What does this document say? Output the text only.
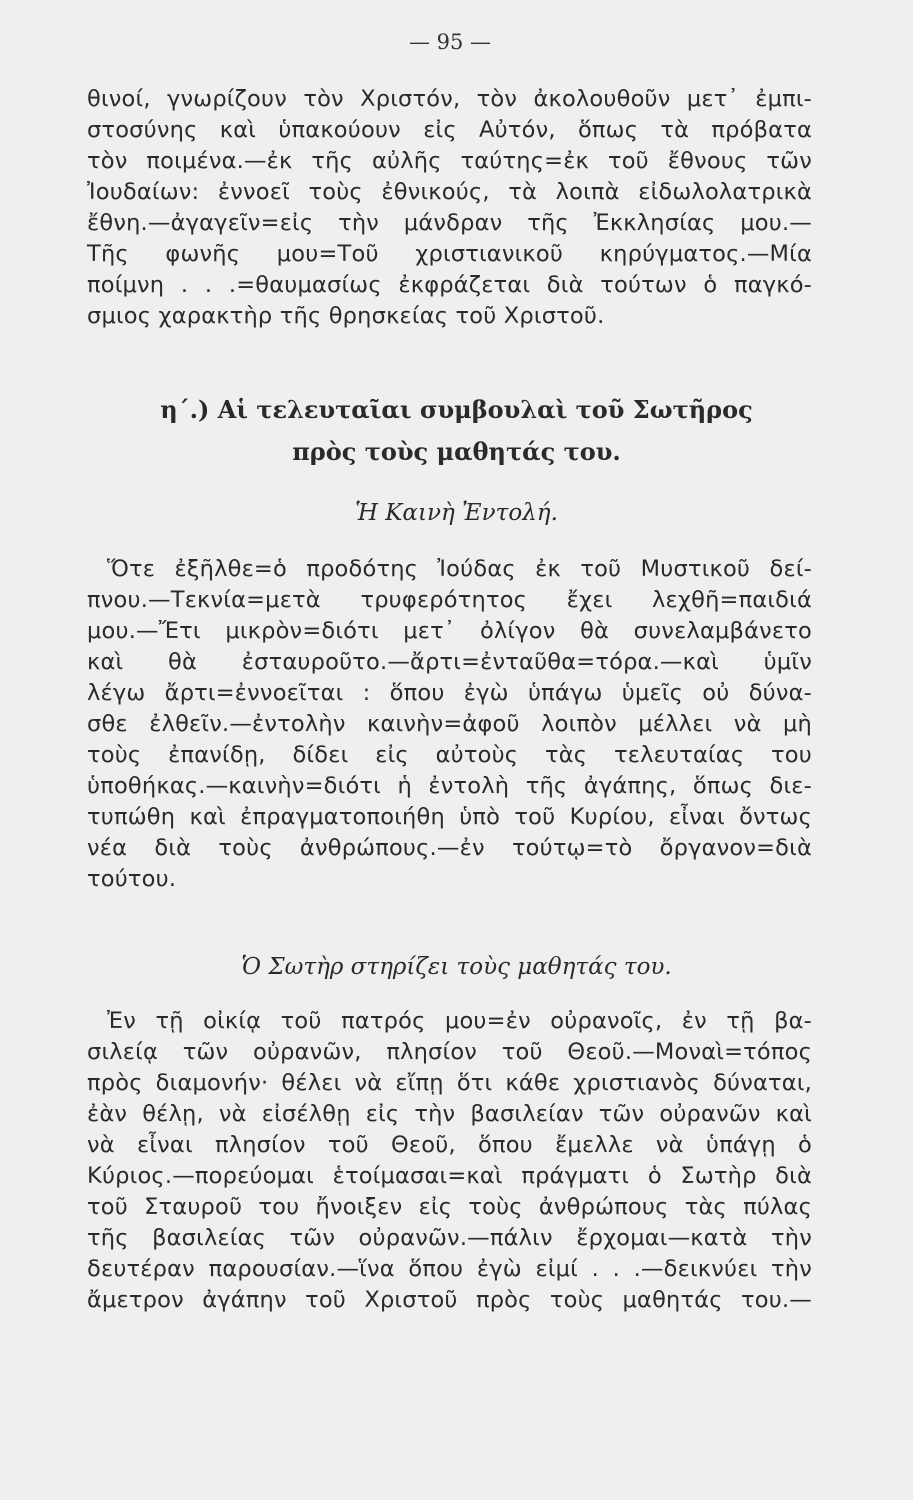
— 95 —
θινοί, γνωρίζουν τὸν Χριστόν, τὸν ἀκολουθοῦν μετ᾽ ἐμπι-
στοσύνης καὶ ὑπακούουν εἰς Αὐτόν, ὅπως τὰ πρόβατα
τὸν ποιμένα.—ἐκ τῆς αὐλῆς ταύτης=ἐκ τοῦ ἔθνους τῶν
Ἰουδαίων: ἐννοεῖ τοὺς ἐθνικούς, τὰ λοιπὰ εἰδωλολατρικὰ
ἔθνη.—ἀγαγεῖν=εἰς τὴν μάνδραν τῆς Ἐκκλησίας μου.—
Τῆς φωνῆς μου=Τοῦ χριστιανικοῦ κηρύγματος.—Μία
ποίμνη . . .=θαυμασίως ἐκφράζεται διὰ τούτων ὁ παγκό-
σμιος χαρακτὴρ τῆς θρησκείας τοῦ Χριστοῦ.
η΄.) Αἱ τελευταῖαι συμβουλαὶ τοῦ Σωτῆρος
πρὸς τοὺς μαθητάς του.
Ἡ Καινὴ Ἐντολή.
Ὅτε ἐξῆλθε=ὁ προδότης Ἰούδας ἐκ τοῦ Μυστικοῦ δεί-
πνου.—Τεκνία=μετὰ τρυφερότητος ἔχει λεχθῆ=παιδιά
μου.—Ἔτι μικρὸν=διότι μετ᾽ ὀλίγον θὰ συνελαμβάνετο
καὶ θὰ ἐσταυροῦτο.—ἄρτι=ἐνταῦθα=τόρα.—καὶ ὑμῖν
λέγω ἄρτι=ἐννοεῖται : ὅπου ἐγὼ ὑπάγω ὑμεῖς οὐ δύνα-
σθε ἐλθεῖν.—ἐντολὴν καινὴν=ἀφοῦ λοιπὸν μέλλει νὰ μὴ
τοὺς ἐπανίδῃ, δίδει εἰς αὐτοὺς τὰς τελευταίας του
ὑποθήκας.—καινὴν=διότι ἡ ἐντολὴ τῆς ἀγάπης, ὅπως διε-
τυπώθη καὶ ἐπραγματοποιήθη ὑπὸ τοῦ Κυρίου, εἶναι ὄντως
νέα διὰ τοὺς ἀνθρώπους.—ἐν τούτῳ=τὸ ὄργανον=διὰ
τούτου.
Ὁ Σωτὴρ στηρίζει τοὺς μαθητάς του.
Ἐν τῇ οἰκίᾳ τοῦ πατρός μου=ἐν οὐρανοῖς, ἐν τῇ βα-
σιλείᾳ τῶν οὐρανῶν, πλησίον τοῦ Θεοῦ.—Μοναὶ=τόπος
πρὸς διαμονήν· θέλει νὰ εἴπῃ ὅτι κάθε χριστιανὸς δύναται,
ἐὰν θέλῃ, νὰ εἰσέλθῃ εἰς τὴν βασιλείαν τῶν οὐρανῶν καὶ
νὰ εἶναι πλησίον τοῦ Θεοῦ, ὅπου ἔμελλε νὰ ὑπάγῃ ὁ
Κύριος.—πορεύομαι ἑτοίμασαι=καὶ πράγματι ὁ Σωτὴρ διὰ
τοῦ Σταυροῦ του ἤνοιξεν εἰς τοὺς ἀνθρώπους τὰς πύλας
τῆς βασιλείας τῶν οὐρανῶν.—πάλιν ἔρχομαι—κατὰ τὴν
δευτέραν παρουσίαν.—ἵνα ὅπου ἐγὼ εἰμί . . .—δεικνύει τὴν
ἄμετρον ἀγάπην τοῦ Χριστοῦ πρὸς τοὺς μαθητάς του.—
